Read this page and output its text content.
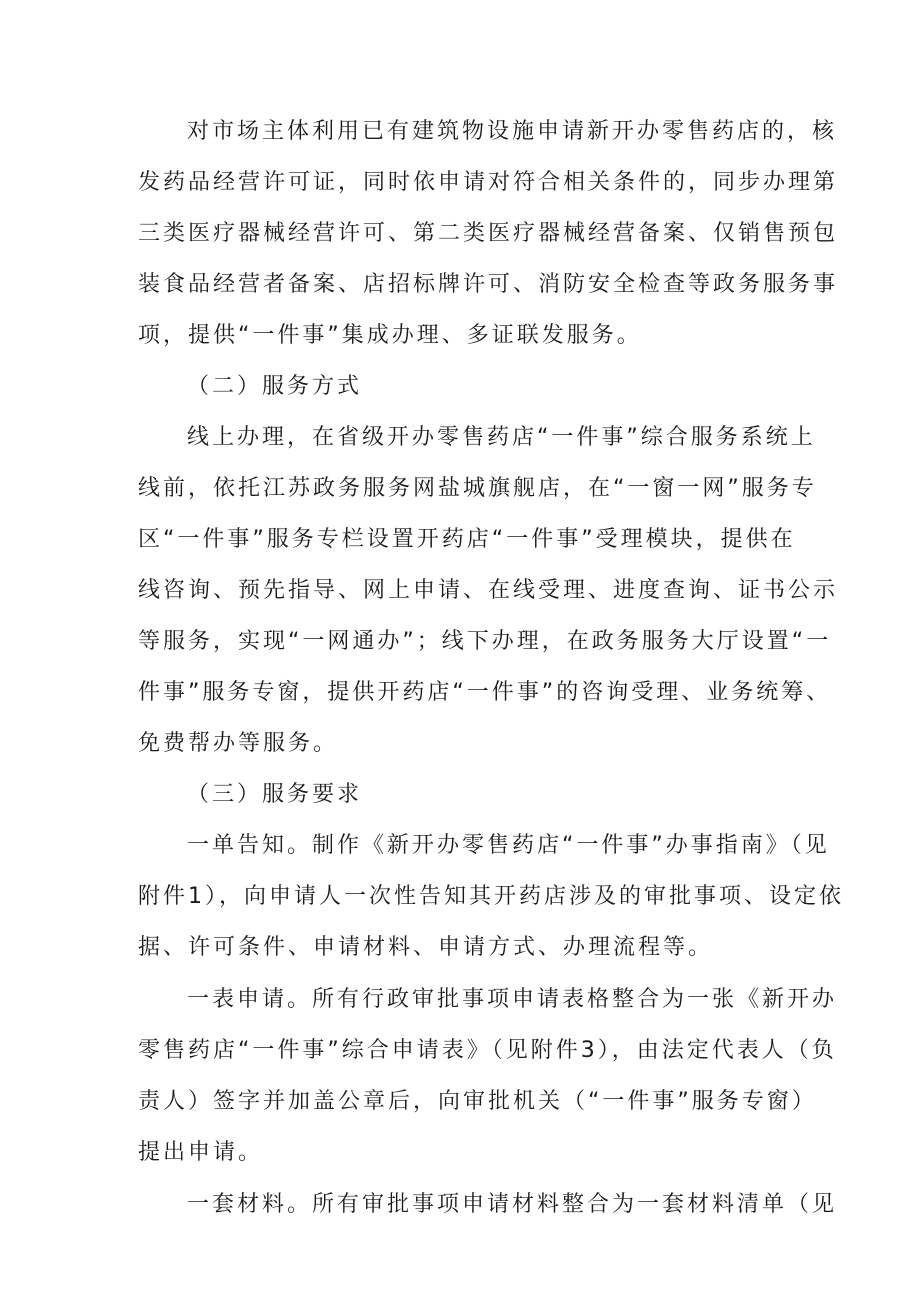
对市场主体利用已有建筑物设施申请新开办零售药店的，核
发药品经营许可证，同时依申请对符合相关条件的，同步办理第
三类医疗器械经营许可、第二类医疗器械经营备案、仅销售预包
装食品经营者备案、店招标牌许可、消防安全检查等政务服务事
项，提供“一件事”集成办理、多证联发服务。
（二）服务方式
线上办理，在省级开办零售药店“一件事”综合服务系统上
线前，依托江苏政务服务网盐城旗舰店，在“一窗一网”服务专
区“一件事”服务专栏设置开药店“一件事”受理模块，提供在
线咨询、预先指导、网上申请、在线受理、进度查询、证书公示
等服务，实现“一网通办”；线下办理，在政务服务大厅设置“一
件事”服务专窗，提供开药店“一件事”的咨询受理、业务统筹、
免费帮办等服务。
（三）服务要求
一单告知。制作《新开办零售药店“一件事”办事指南》（见
附件1），向申请人一次性告知其开药店涉及的审批事项、设定依
据、许可条件、申请材料、申请方式、办理流程等。
一表申请。所有行政审批事项申请表格整合为一张《新开办
零售药店“一件事”综合申请表》（见附件3），由法定代表人（负
责人）签字并加盖公章后，向审批机关（“一件事”服务专窗）
提出申请。
一套材料。所有审批事项申请材料整合为一套材料清单（见
